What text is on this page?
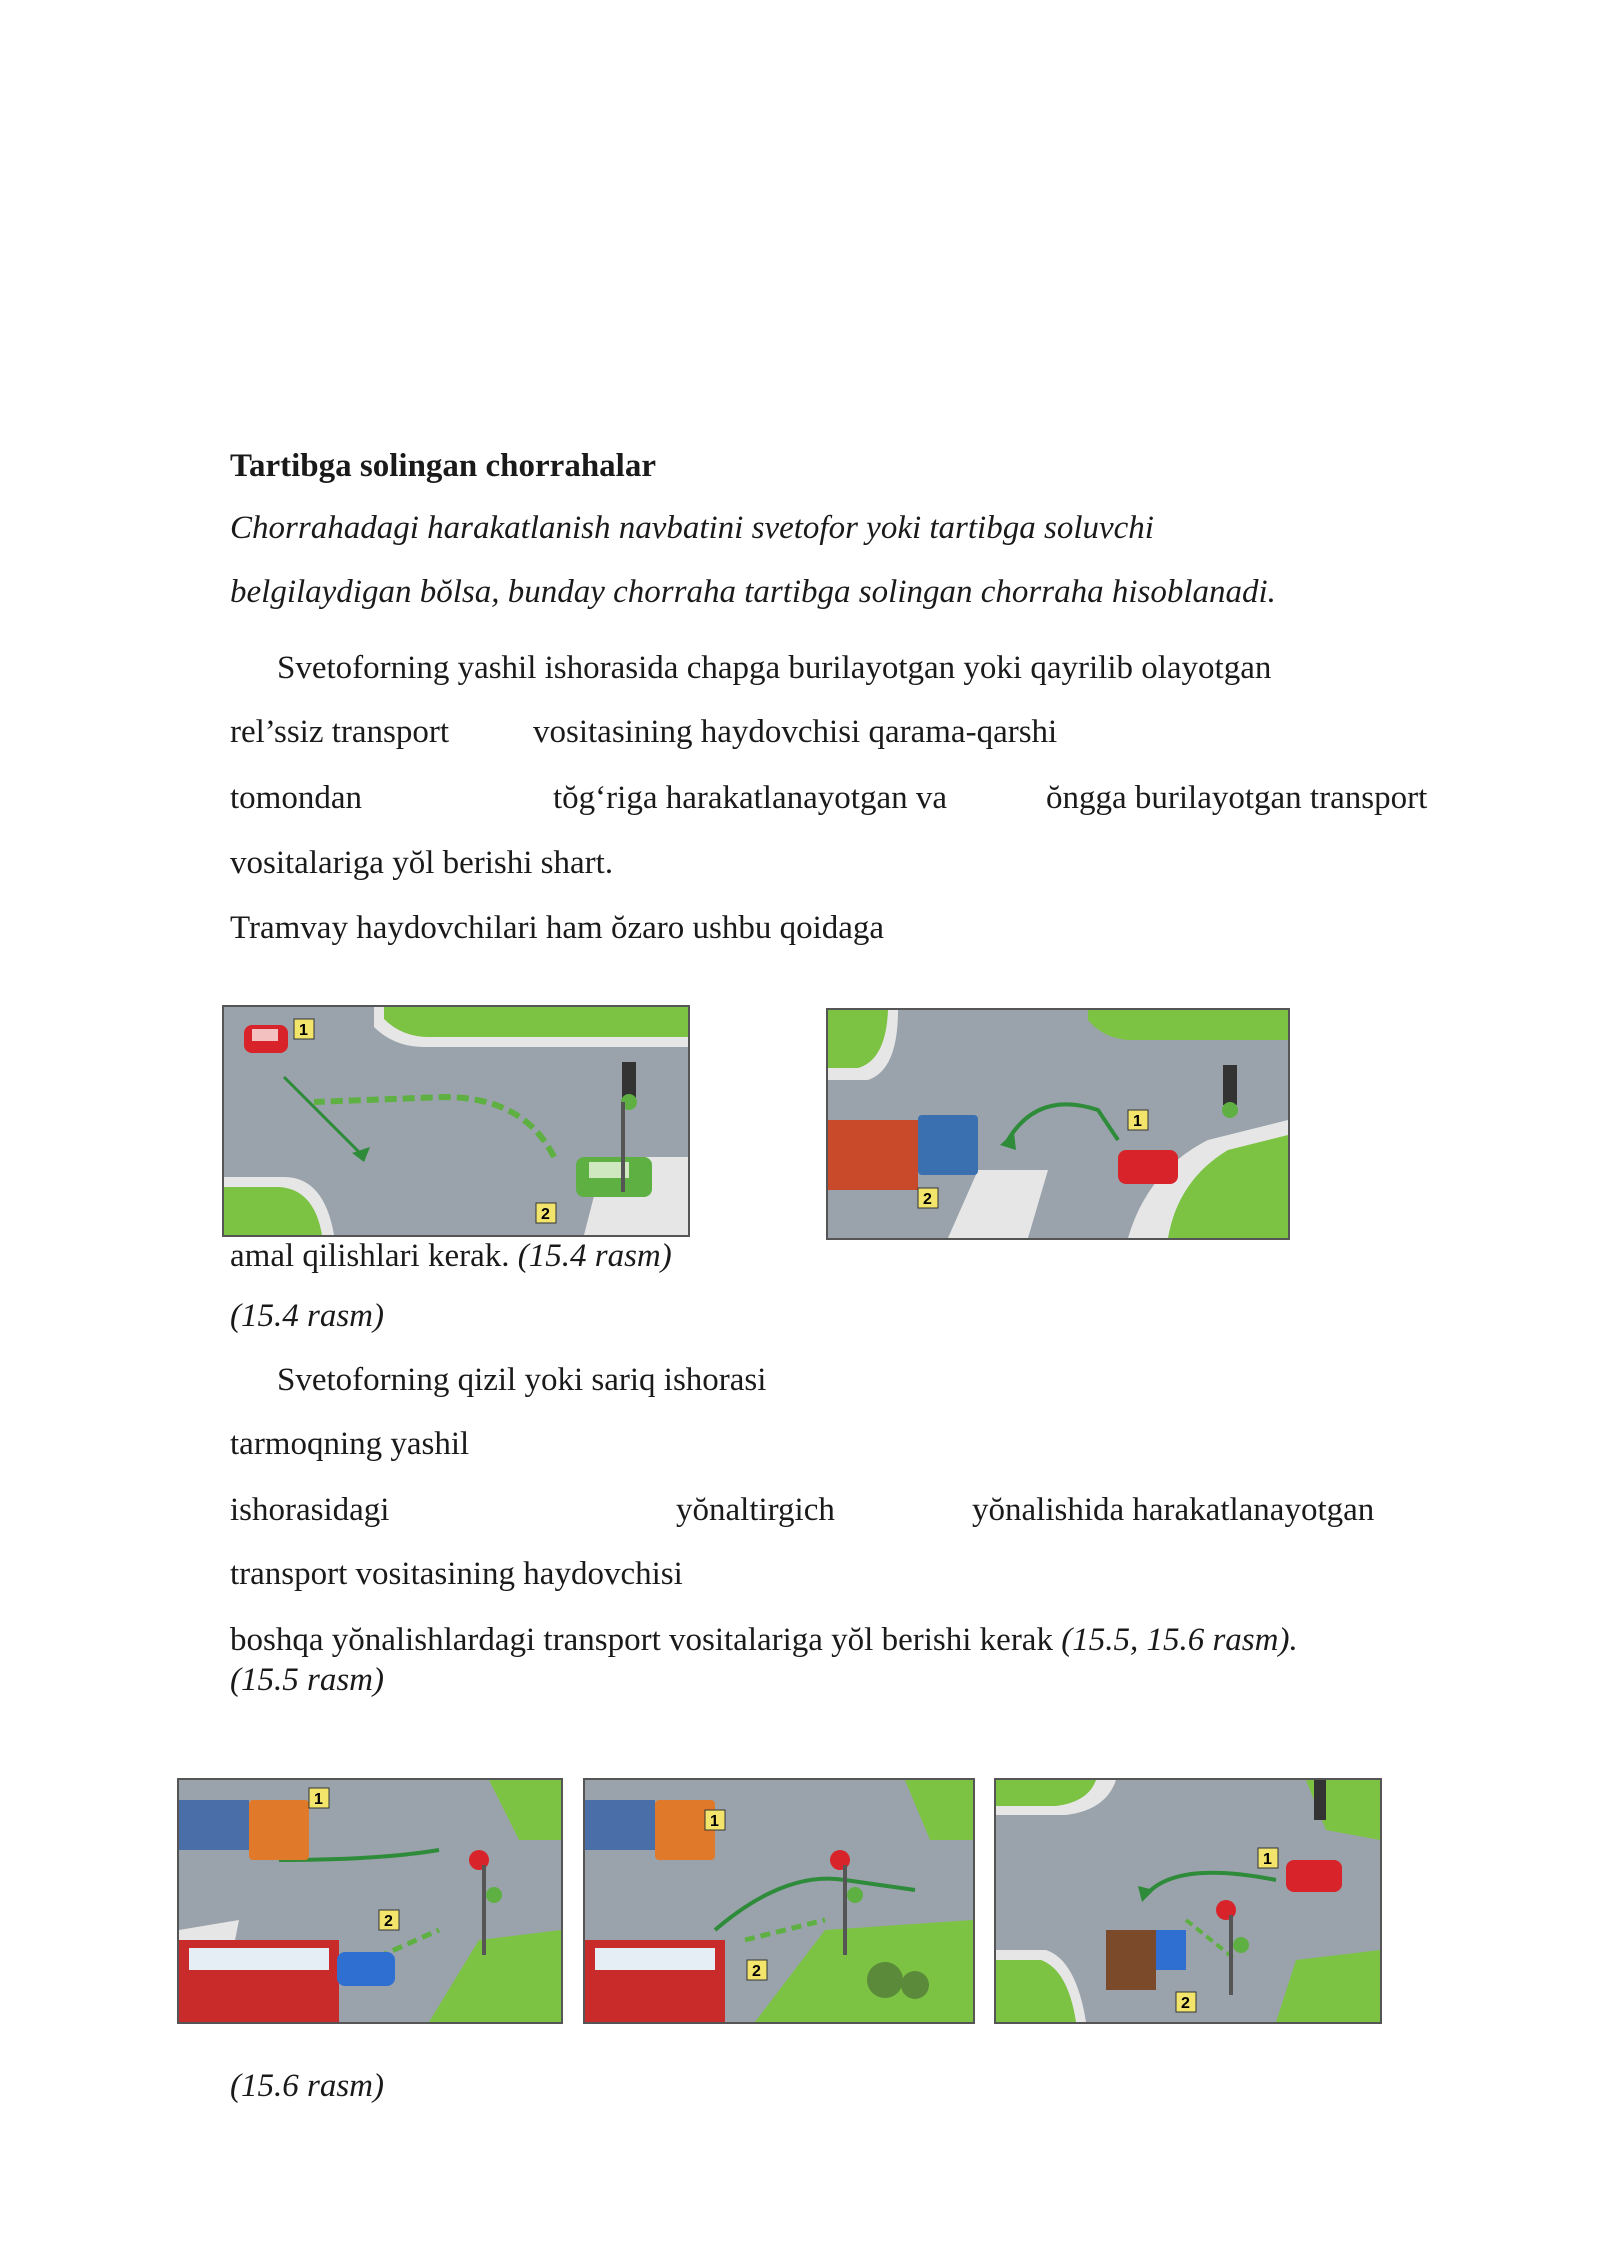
Tartibga solingan chorrahalar
Chorrahadagi harakatlanish navbatini svetofor yoki tartibga soluvchi
belgilaydigan bŏlsa, bunday chorraha tartibga solingan chorraha hisoblanadi.
Svetoforning yashil ishorasida chapga burilayotgan yoki qayrilib olayotgan
rel’ssiz transport	vositasining haydovchisi qarama-qarshi
tomondan	tŏg‘riga harakatlanayotgan va	ŏngga burilayotgan transport
vositalariga yŏl berishi shart.
Tramvay haydovchilari ham ŏzaro ushbu qoidaga
1
2
1
2
amal qilishlari kerak. (15.4 rasm)
(15.4 rasm)
Svetoforning qizil yoki sariq ishorasi
tarmoqning yashil
ishorasidagi	yŏnaltirgich	yŏnalishida harakatlanayotgan
transport vositasining haydovchisi
boshqa yŏnalishlardagi transport vositalariga yŏl berishi kerak (15.5, 15.6 rasm).
(15.5 rasm)
1
2
1
2
1
2
(15.6 rasm)
